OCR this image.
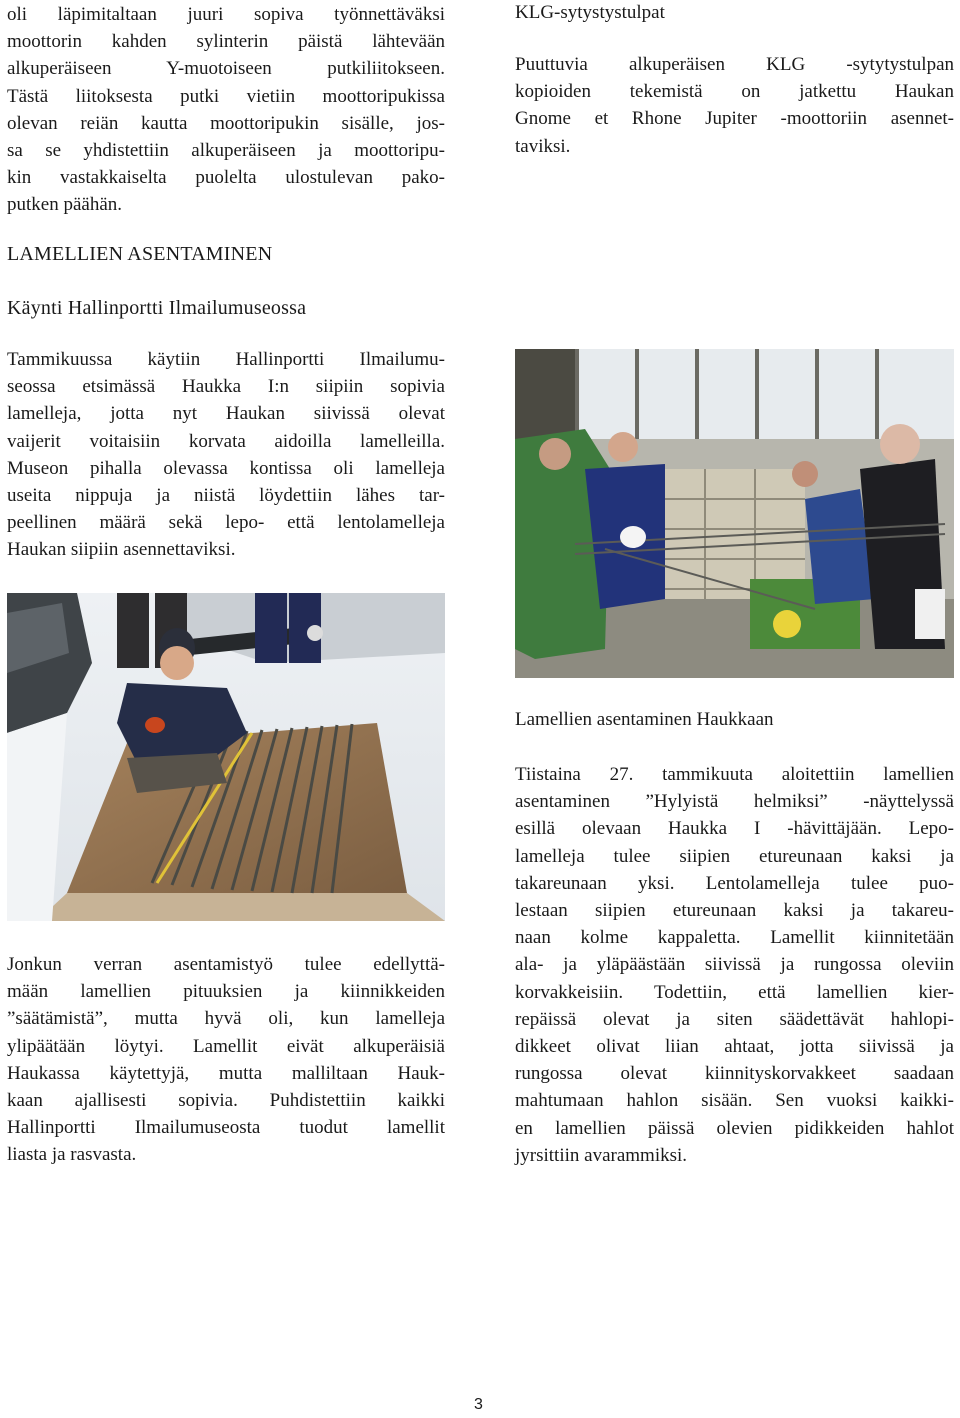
oli läpimitaltaan juuri sopiva työnnettäväksi
moottorin kahden sylinterin päistä lähtevään
alkuperäiseen Y-muotoiseen putkiliitokseen.
Tästä liitoksesta putki vietiin moottoripukissa
olevan reiän kautta moottoripukin sisälle, jos-
sa se yhdistettiin alkuperäiseen ja moottoripu-
kin vastakkaiselta puolelta ulostulevan pako-
putken päähän.
LAMELLIEN ASENTAMINEN
Käynti Hallinportti Ilmailumuseossa
Tammikuussa käytiin Hallinportti Ilmailumu-
seossa etsimässä Haukka I:n siipiin sopivia
lamelleja, jotta nyt Haukan siivissä olevat
vaijerit voitaisiin korvata aidoilla lamelleilla.
Museon pihalla olevassa kontissa oli lamelleja
useita nippuja ja niistä löydettiin lähes tar-
peellinen määrä sekä lepo- että lentolamelleja
Haukan siipiin asennettaviksi.
Jonkun verran asentamistyö tulee edellyttä-
mään lamellien pituuksien ja kiinnikkeiden
”säätämistä”, mutta hyvä oli, kun lamelleja
ylipäätään löytyi. Lamellit eivät alkuperäisiä
Haukassa käytettyjä, mutta malliltaan Hauk-
kaan ajallisesti sopivia. Puhdistettiin kaikki
Hallinportti Ilmailumuseosta tuodut lamellit
liasta ja rasvasta.
KLG-sytystystulpat
Puuttuvia alkuperäisen KLG -sytytystulpan
kopioiden tekemistä on jatkettu Haukan
Gnome et Rhone Jupiter -moottoriin asennet-
taviksi.
Lamellien asentaminen Haukkaan
Tiistaina 27. tammikuuta aloitettiin lamellien
asentaminen ”Hylyistä helmiksi” -näyttelyssä
esillä olevaan Haukka I -hävittäjään. Lepo-
lamelleja tulee siipien etureunaan kaksi ja
takareunaan yksi. Lentolamelleja tulee puo-
lestaan siipien etureunaan kaksi ja takareu-
naan kolme kappaletta. Lamellit kiinnitetään
ala- ja yläpäästään siivissä ja rungossa oleviin
korvakkeisiin. Todettiin, että lamellien kier-
repäissä olevat ja siten säädettävät hahlopi-
dikkeet olivat liian ahtaat, jotta siivissä ja
rungossa olevat kiinnityskorvakkeet saadaan
mahtumaan hahlon sisään. Sen vuoksi kaikki-
en lamellien päissä olevien pidikkeiden hahlot
jyrsittiin avarammiksi.
3
